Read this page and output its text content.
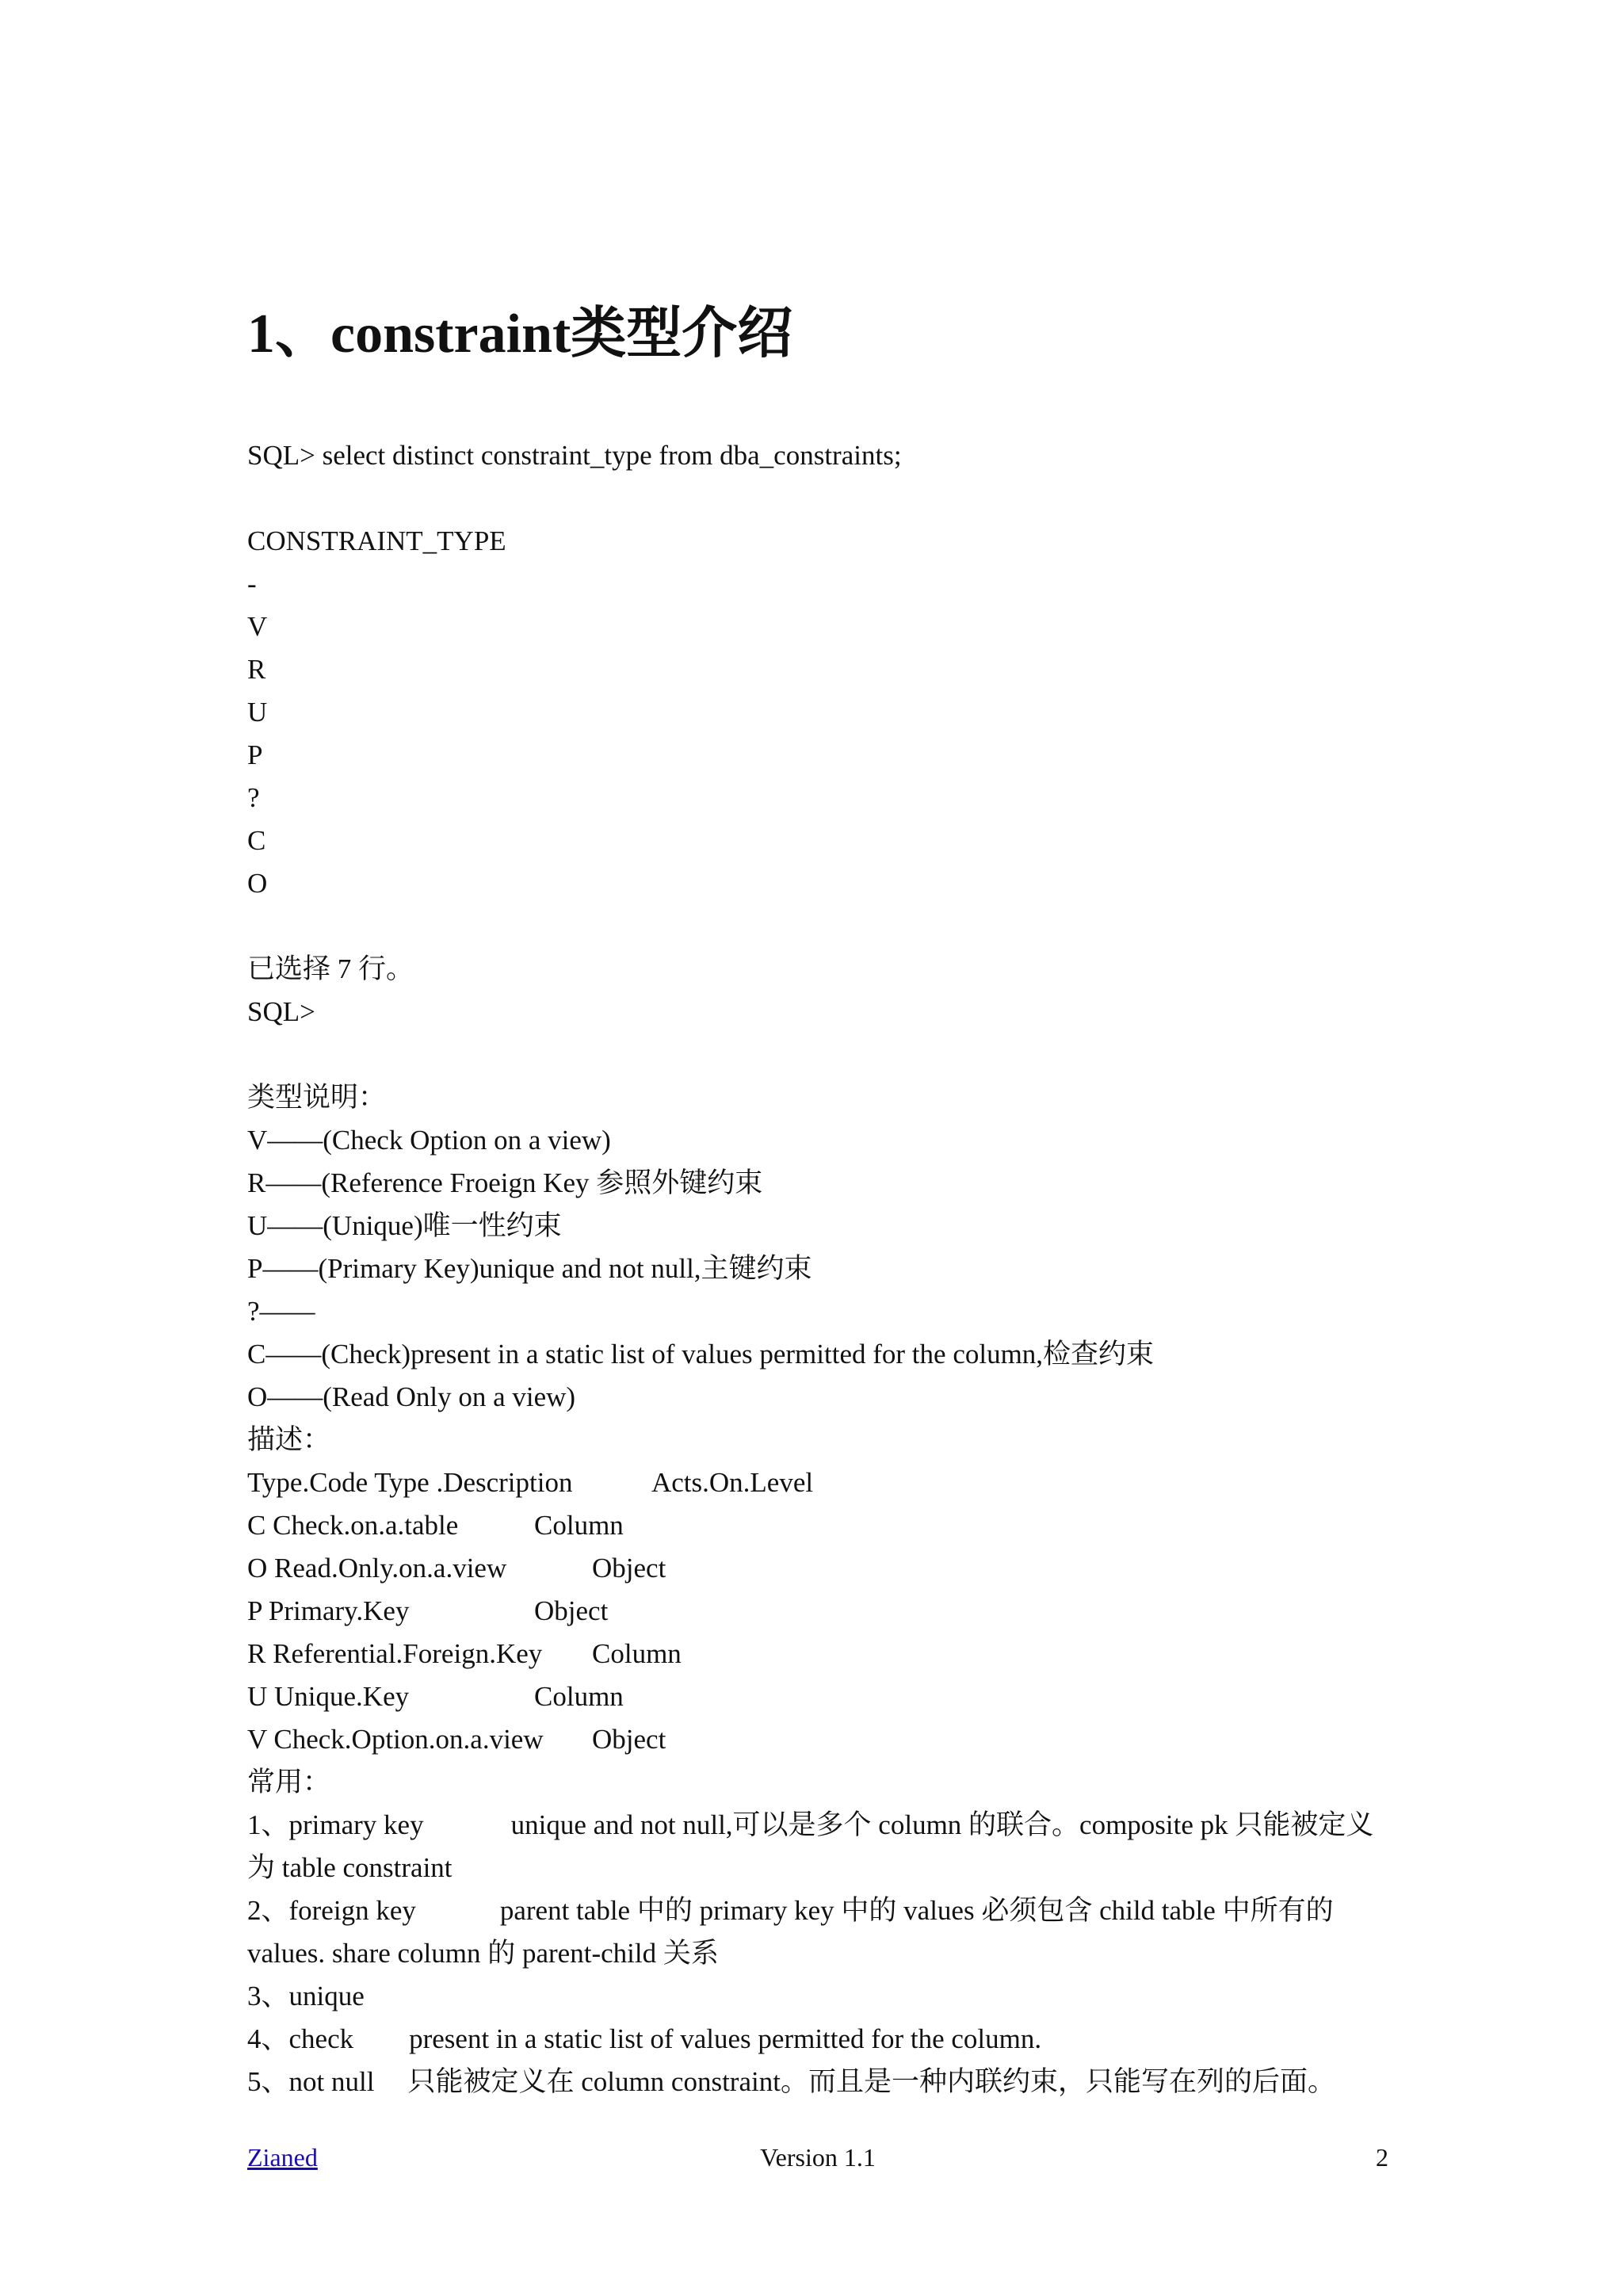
1、constraint类型介绍
SQL> select distinct constraint_type from dba_constraints;
CONSTRAINT_TYPE
-
V
R
U
P
?
C
O
已选择 7 行。
SQL>
类型说明：
V——(Check Option on a view)
R——(Reference Froeign Key 参照外键约束
U——(Unique)唯一性约束
P——(Primary Key)unique and not null,主键约束
?——
C——(Check)present in a static list of values permitted for the column,检查约束
O——(Read Only on a view)
描述：
Type.Code Type .Description	Acts.On.Level
C Check.on.a.table	Column
O Read.Only.on.a.view	Object
P Primary.Key	Object
R Referential.Foreign.Key Column
U Unique.Key	Column
V Check.Option.on.a.view Object
常用：
1、primary key	unique and not null,可以是多个 column 的联合。composite pk 只能被定义为 table constraint
2、foreign key	parent table 中的 primary key 中的 values 必须包含 child table 中所有的 values. share column 的 parent-child 关系
3、unique
4、check present in a static list of values permitted for the column.
5、not null 只能被定义在 column constraint。而且是一种内联约束，只能写在列的后面。
Version 1.1
Zianed	2
